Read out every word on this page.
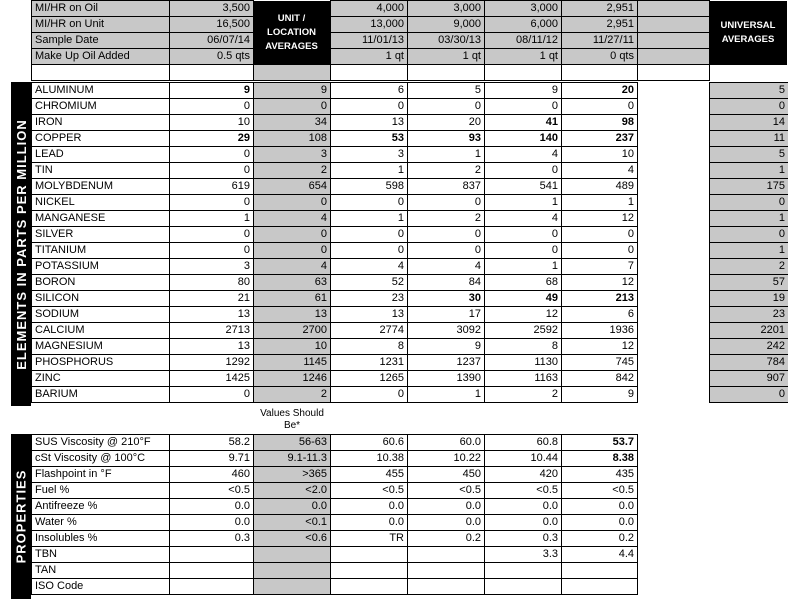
ELEMENTS IN PARTS PER MILLION
PROPERTIES
MI/HR on Oil	3,500		4,000	3,000	3,000	2,951	
MI/HR on Unit	16,500		13,000	9,000	6,000	2,951	
Sample Date	06/07/14		11/01/13	03/30/13	08/11/12	11/27/11	
Make Up Oil Added	0.5 qts		1 qt	1 qt	1 qt	0 qts	

UNIT / LOCATION AVERAGES
UNIVERSAL AVERAGES
ALUMINUM	9	9	6	5	9	20		5
CHROMIUM	0	0	0	0	0	0		0
IRON	10	34	13	20	41	98		14
COPPER	29	108	53	93	140	237		11
LEAD	0	3	3	1	4	10		5
TIN	0	2	1	2	0	4		1
MOLYBDENUM	619	654	598	837	541	489		175
NICKEL	0	0	0	0	1	1		0
MANGANESE	1	4	1	2	4	12		1
SILVER	0	0	0	0	0	0		0
TITANIUM	0	0	0	0	0	0		1
POTASSIUM	3	4	4	4	1	7		2
BORON	80	63	52	84	68	12		57
SILICON	21	61	23	30	49	213		19
SODIUM	13	13	13	17	12	6		23
CALCIUM	2713	2700	2774	3092	2592	1936		2201
MAGNESIUM	13	10	8	9	8	12		242
PHOSPHORUS	1292	1145	1231	1237	1130	745		784
ZINC	1425	1246	1265	1390	1163	842		907
BARIUM	0	2	0	1	2	9		0
Values Should Be*
SUS Viscosity @ 210°F	58.2	56-63	60.6	60.0	60.8	53.7	
cSt Viscosity @ 100°C	9.71	9.1-11.3	10.38	10.22	10.44	8.38	
Flashpoint in °F	460	>365	455	450	420	435	
Fuel %	<0.5	<2.0	<0.5	<0.5	<0.5	<0.5	
Antifreeze %	0.0	0.0	0.0	0.0	0.0	0.0	
Water %	0.0	<0.1	0.0	0.0	0.0	0.0	
Insolubles %	0.3	<0.6	TR	0.2	0.3	0.2	
TBN					3.3	4.4	
TAN							
ISO Code							
